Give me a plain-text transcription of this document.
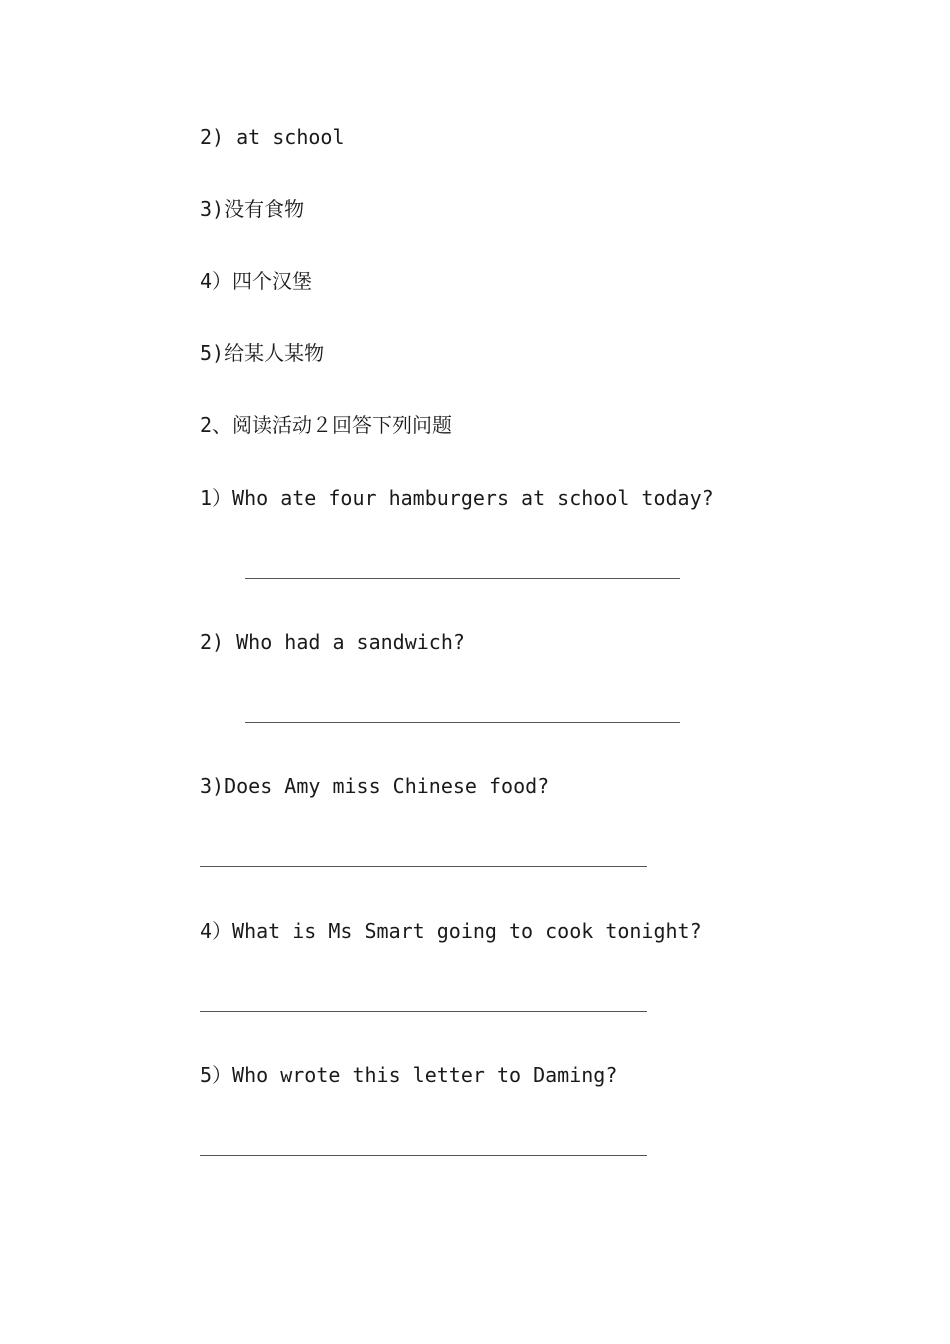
2) at school
3)没有食物
4）四个汉堡
5)给某人某物
2、阅读活动２回答下列问题
1）Who ate four hamburgers at school today?
2) Who had a sandwich?
3)Does Amy miss Chinese food?
4）What is Ms Smart going to cook tonight?
5）Who wrote this letter to Daming?
